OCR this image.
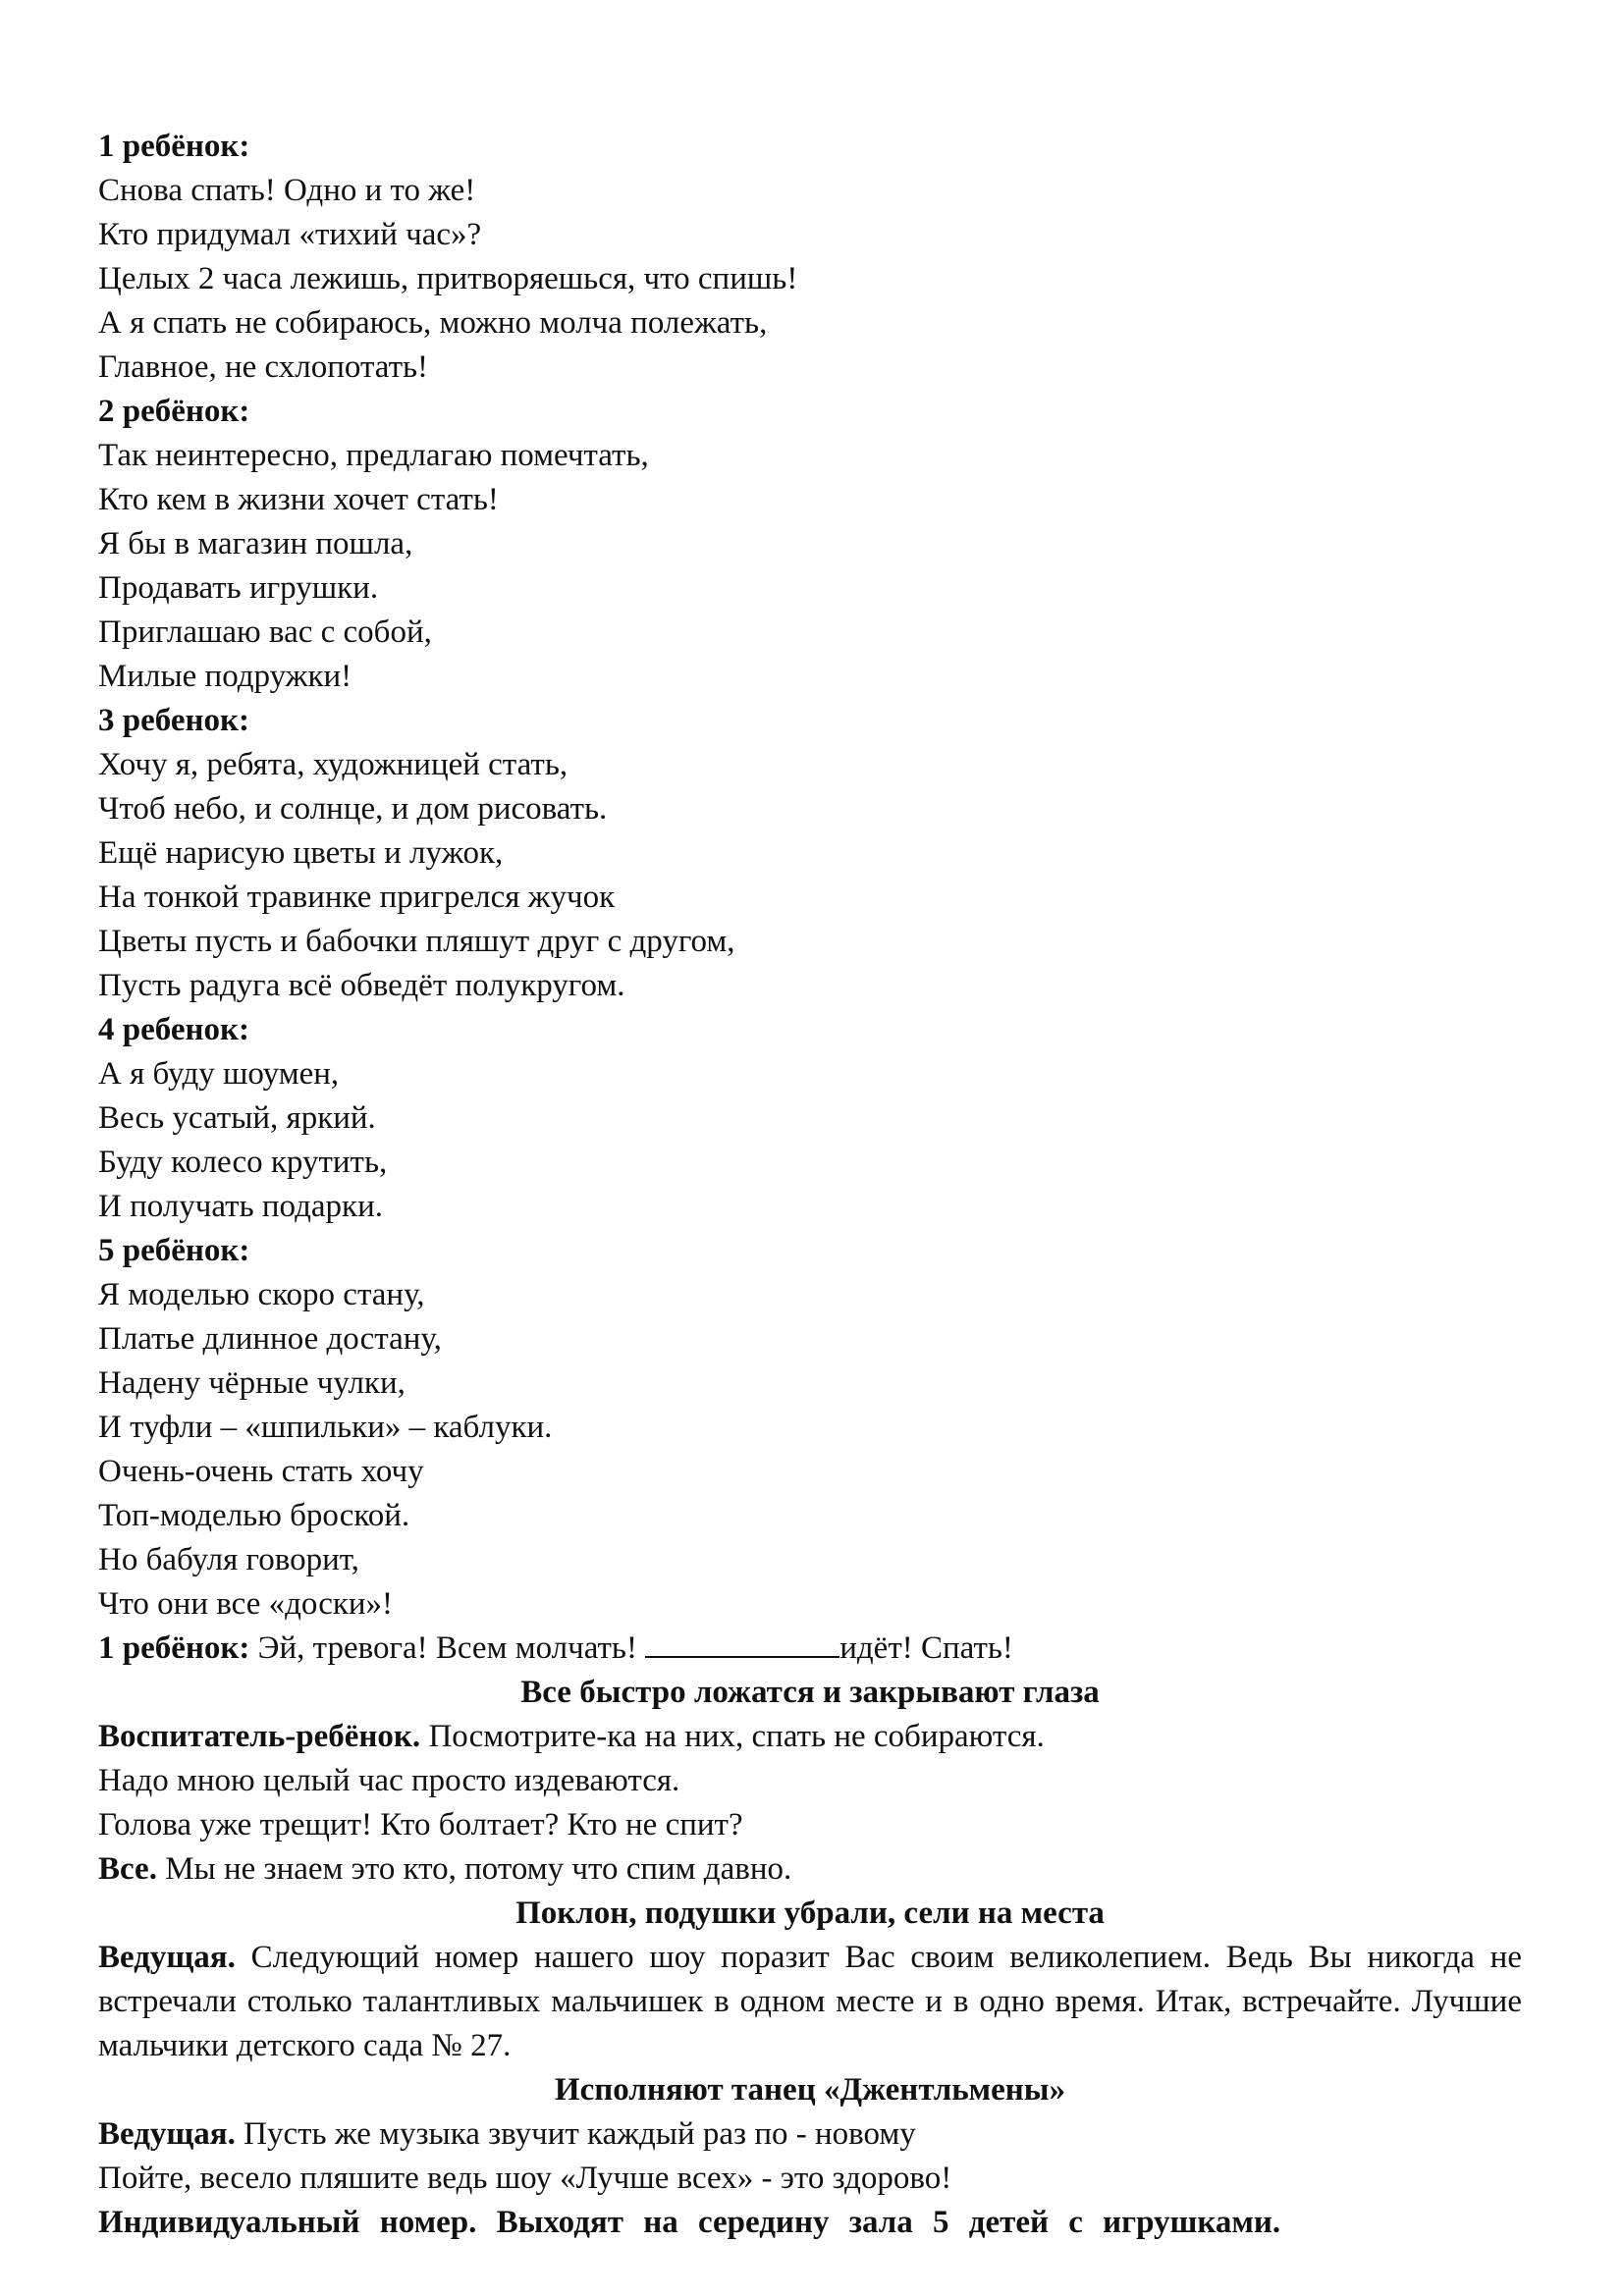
1 ребёнок:
Снова спать! Одно и то же!
Кто придумал «тихий час»?
Целых 2 часа лежишь, притворяешься, что спишь!
А я спать не собираюсь, можно молча полежать,
Главное, не схлопотать!
2 ребёнок:
Так неинтересно, предлагаю помечтать,
Кто кем в жизни хочет стать!
Я бы в магазин пошла,
Продавать игрушки.
Приглашаю вас с собой,
Милые подружки!
3 ребенок:
Хочу я, ребята, художницей стать,
Чтоб небо, и солнце, и дом рисовать.
Ещё нарисую цветы и лужок,
На тонкой травинке пригрелся жучок
Цветы пусть и бабочки пляшут друг с другом,
Пусть радуга всё обведёт полукругом.
4 ребенок:
А я буду шоумен,
Весь усатый, яркий.
Буду колесо крутить,
И получать подарки.
5 ребёнок:
Я моделью скоро стану,
Платье длинное достану,
Надену чёрные чулки,
И туфли – «шпильки» – каблуки.
Очень-очень стать хочу
Топ-моделью броской.
Но бабуля говорит,
Что они все «доски»!
1 ребёнок: Эй, тревога! Всем молчать!	идёт! Спать!
Все быстро ложатся и закрывают глаза
Воспитатель-ребёнок. Посмотрите-ка на них, спать не собираются.
Надо мною целый час просто издеваются.
Голова уже трещит! Кто болтает? Кто не спит?
Все. Мы не знаем это кто, потому что спим давно.
Поклон, подушки убрали, сели на места
Ведущая. Следующий номер нашего шоу поразит Вас своим великолепием. Ведь Вы никогда не встречали столько талантливых мальчишек в одном месте и в одно время. Итак, встречайте. Лучшие мальчики детского сада № 27.
Исполняют танец «Джентльмены»
Ведущая. Пусть же музыка звучит каждый раз по - новому
Пойте, весело пляшите ведь шоу «Лучше всех» - это здорово!
Индивидуальный номер. Выходят на середину зала 5 детей с игрушками.
